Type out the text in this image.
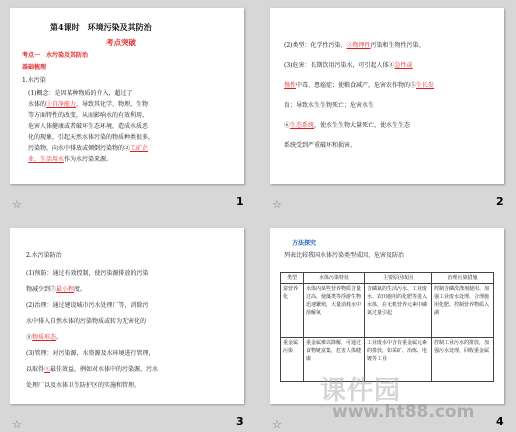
第4课时　环境污染及其防治
考点突破
考点一　水污染及其防治
基础梳理
1.水污染
(1)概念：是因某种物质的介入，超过了
水体的①自净能力，导致其化学、物理、生物
等方面特性的改变，从而影响水的有效利用，
危害人体健康或者破坏生态环境，造成水质恶
化的现象。引起天然水体污染的物质种类很多，
污染物，向水中排放或倾倒污染物的②工矿企
业、生活用水作为水污染来源。
☆	1
(2)类型：化学性污染、③物理性污染和生物性污染。
(3)危害：长期饮用污染水，可引起人体④急性或
慢性中毒、患癌症；使粮食减产，危害农作物的⑤生长发
育；导致水生生物死亡；危害水生
⑥生态系统，使水生生物大量死亡，使水生生态
系统受到严重破坏和损害。
☆	2
2.水污染防治
(1)预防：通过有效控制，使污染源排放的污染
物减少到⑦最小程度。
(2)治理：通过建设城市污水处理厂等，消除污
水中排入自然水体的污染物质或转为无害化的
⑧物质形态。
(3)管理：对污染源、水资源及水环境进行管理，
以取得⑨最佳效益，例如对水体中的污染源、污水
处理厂以及水体卫生防护区的实施和管理。
☆	3
方法探究
列表比较我国水体污染类型成因、危害及防治
类型	水体污染特征	主要原因成因	治理污染措施
富营养化	水体内某些营养物质含量过高，使藻类等浮游生物迅速繁殖，大量消耗水中溶解氧	含磷氮的生活污水、工业废水、农田施用的化肥等进入水体，在无机营养元素中磷氮过量引起	控制含磷洗涤剂使用、加强工业废水处理、合理施用化肥、控制营养物质入湖
重金属污染	重金属难以降解，可通过食物链富集，危害人体健康	工业废水中含有重金属元素的排放，如采矿、冶炼、电镀等工业	控制工业污水的排放，加强污水处理，回收重金属
☆	4
课件园
www.ht88.com
